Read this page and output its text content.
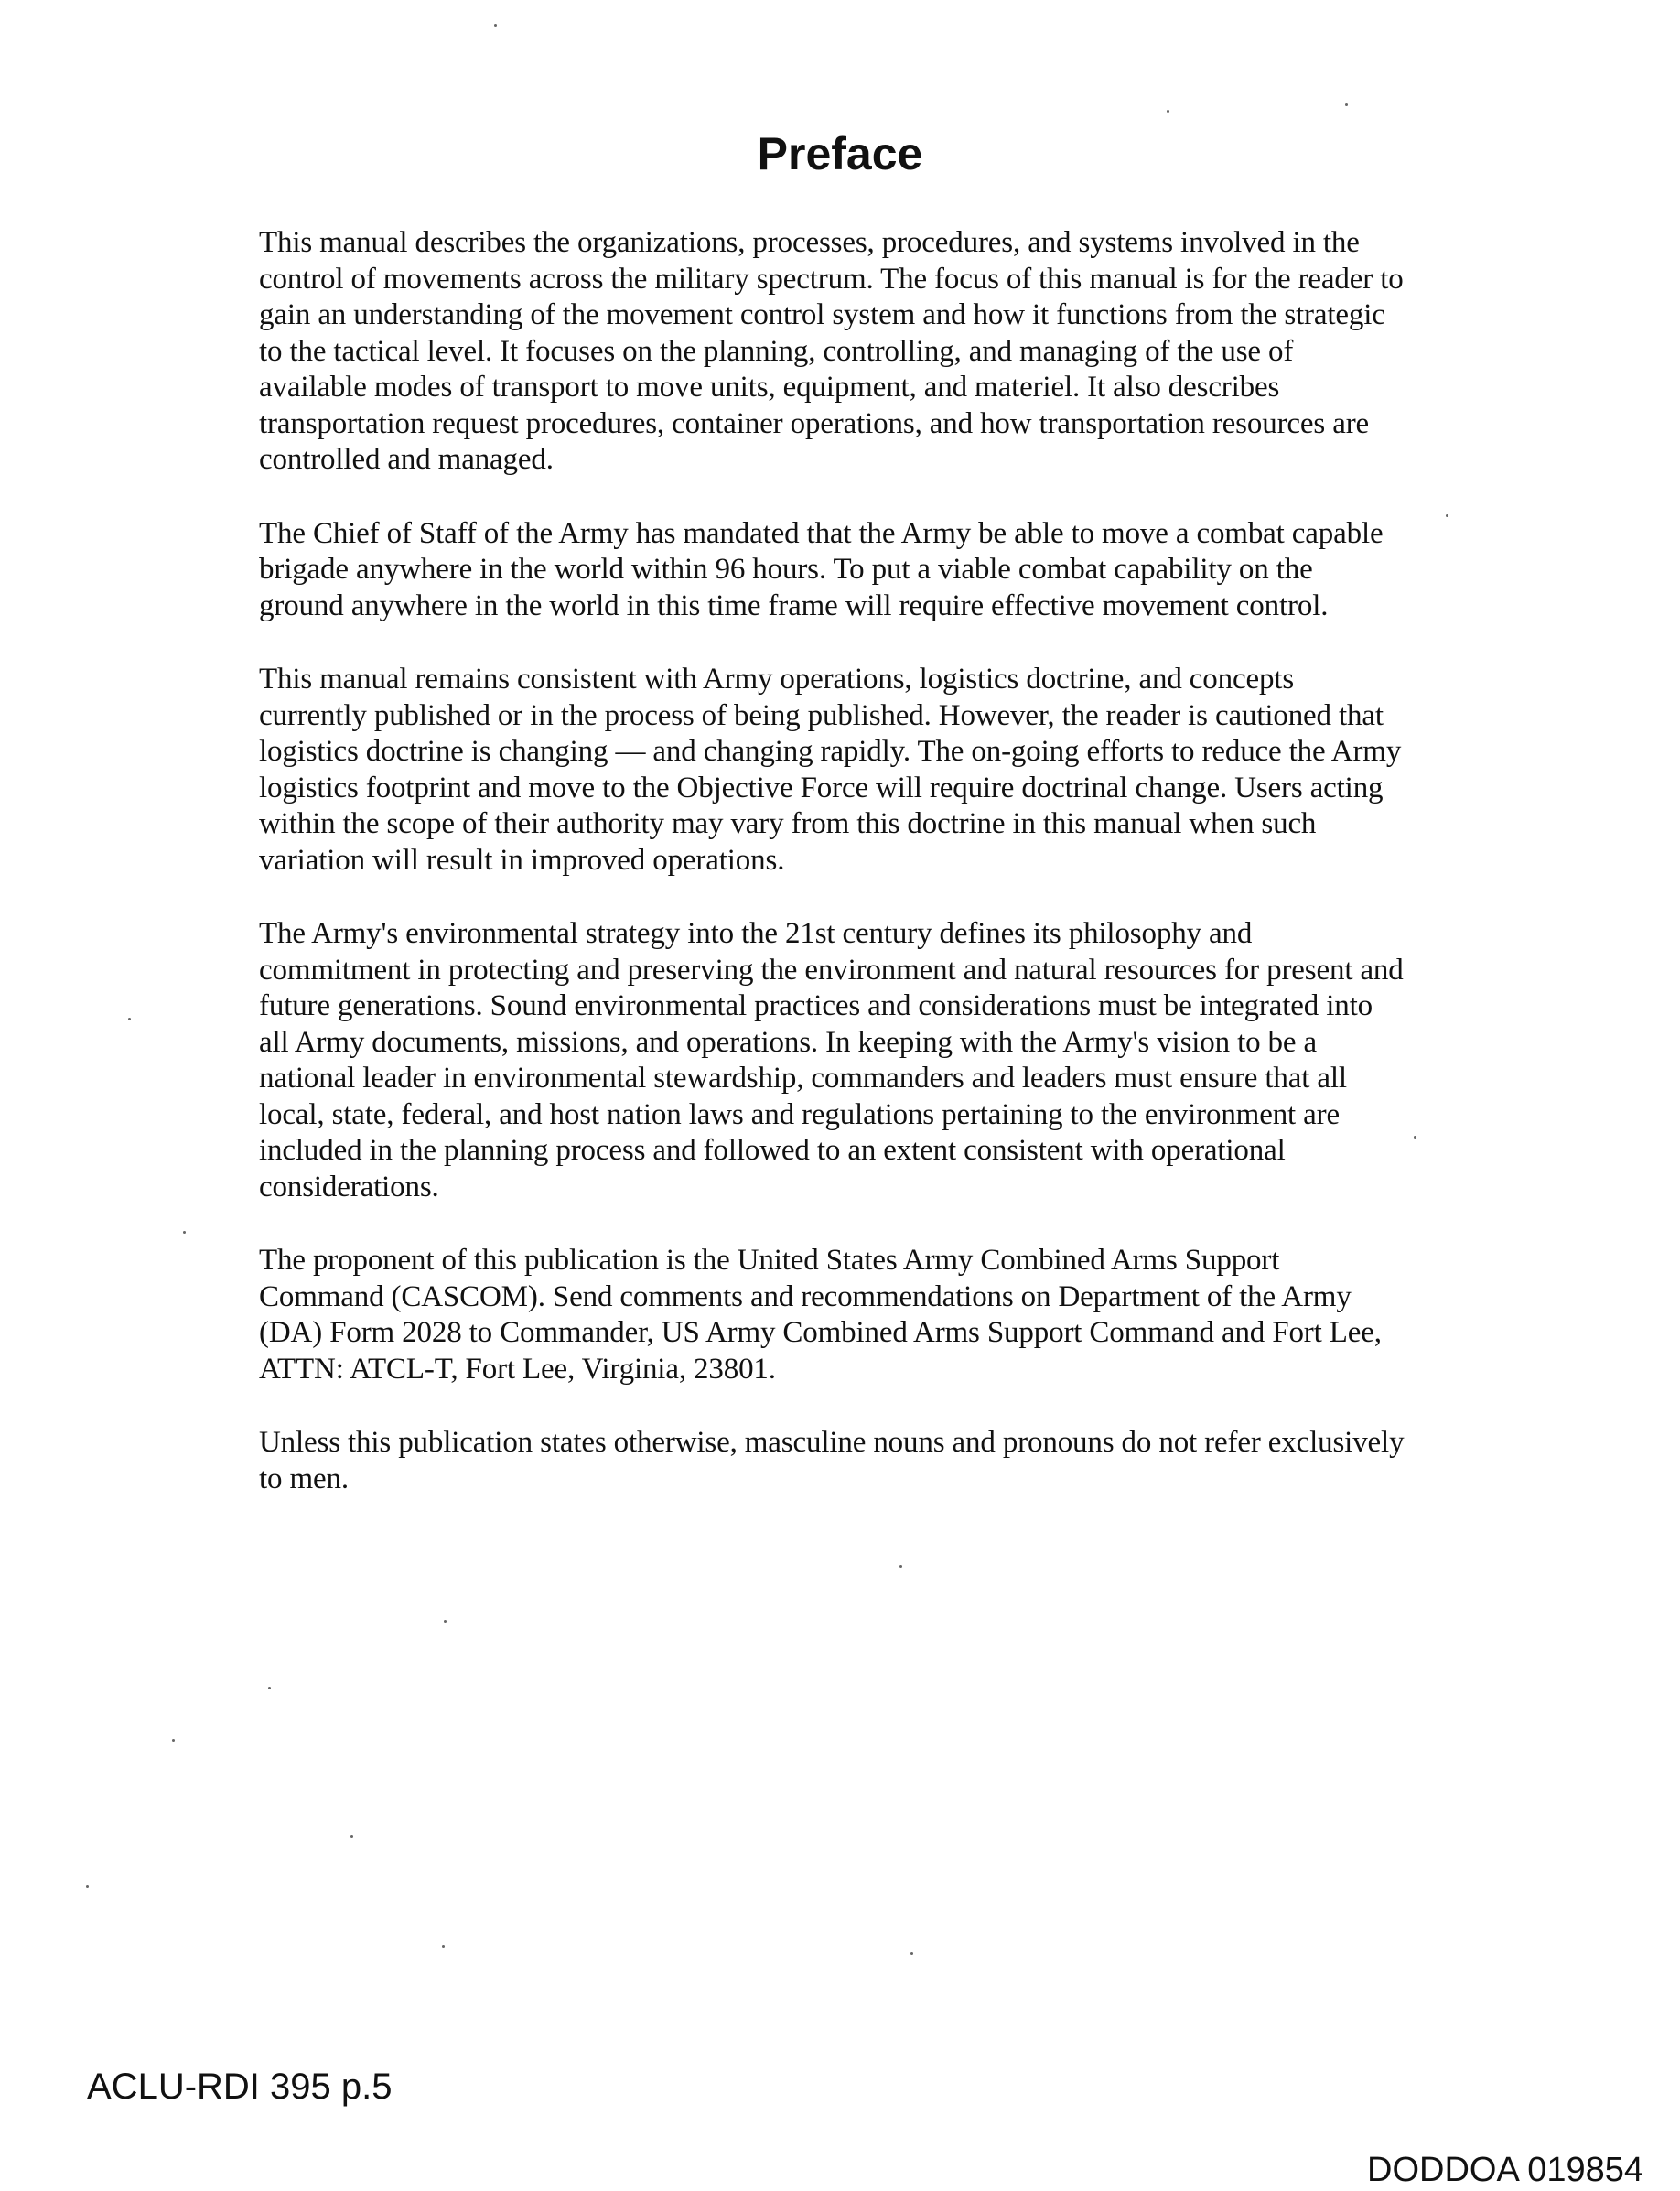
Preface

This manual describes the organizations, processes, procedures, and systems involved in the control of movements across the military spectrum. The focus of this manual is for the reader to gain an understanding of the movement control system and how it functions from the strategic to the tactical level. It focuses on the planning, controlling, and managing of the use of available modes of transport to move units, equipment, and materiel. It also describes transportation request procedures, container operations, and how transportation resources are controlled and managed.

The Chief of Staff of the Army has mandated that the Army be able to move a combat capable brigade anywhere in the world within 96 hours. To put a viable combat capability on the ground anywhere in the world in this time frame will require effective movement control.

This manual remains consistent with Army operations, logistics doctrine, and concepts currently published or in the process of being published. However, the reader is cautioned that logistics doctrine is changing — and changing rapidly. The on-going efforts to reduce the Army logistics footprint and move to the Objective Force will require doctrinal change. Users acting within the scope of their authority may vary from this doctrine in this manual when such variation will result in improved operations.

The Army's environmental strategy into the 21st century defines its philosophy and commitment in protecting and preserving the environment and natural resources for present and future generations. Sound environmental practices and considerations must be integrated into all Army documents, missions, and operations. In keeping with the Army's vision to be a national leader in environmental stewardship, commanders and leaders must ensure that all local, state, federal, and host nation laws and regulations pertaining to the environment are included in the planning process and followed to an extent consistent with operational considerations.

The proponent of this publication is the United States Army Combined Arms Support Command (CASCOM). Send comments and recommendations on Department of the Army (DA) Form 2028 to Commander, US Army Combined Arms Support Command and Fort Lee, ATTN: ATCL-T, Fort Lee, Virginia, 23801.

Unless this publication states otherwise, masculine nouns and pronouns do not refer exclusively to men.

ACLU-RDI 395 p.5

DODDOA 019854
